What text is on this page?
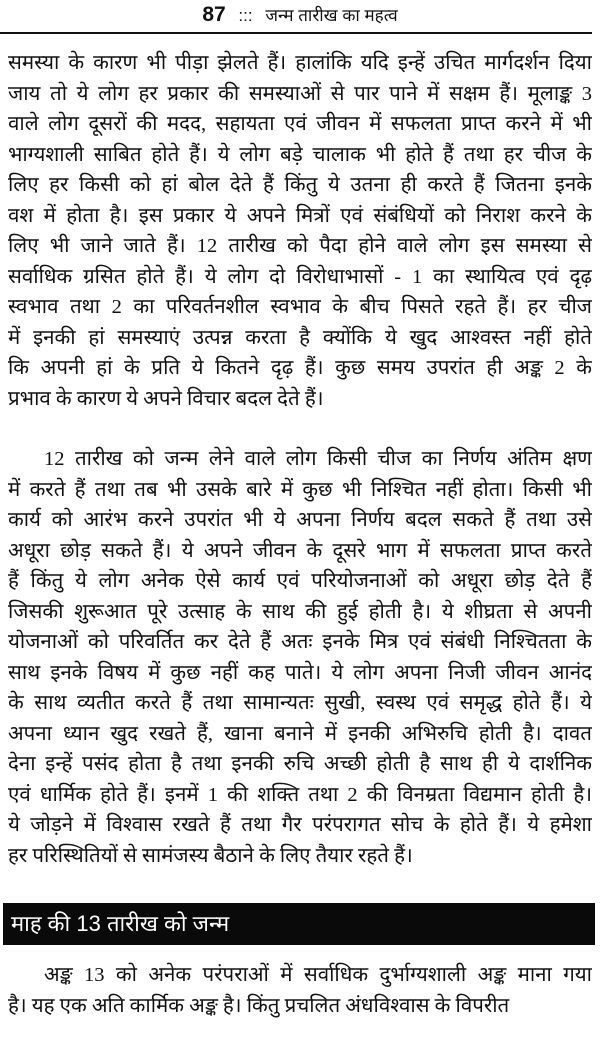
87 ::: जन्म तारीख का महत्व
समस्या के कारण भी पीड़ा झेलते हैं। हालांकि यदि इन्हें उचित मार्गदर्शन दिया
जाय तो ये लोग हर प्रकार की समस्याओं से पार पाने में सक्षम हैं। मूलाङ्क 3
वाले लोग दूसरों की मदद, सहायता एवं जीवन में सफलता प्राप्त करने में भी
भाग्यशाली साबित होते हैं। ये लोग बड़े चालाक भी होते हैं तथा हर चीज के
लिए हर किसी को हां बोल देते हैं किंतु ये उतना ही करते हैं जितना इनके
वश में होता है। इस प्रकार ये अपने मित्रों एवं संबंधियों को निराश करने के
लिए भी जाने जाते हैं। 12 तारीख को पैदा होने वाले लोग इस समस्या से
सर्वाधिक ग्रसित होते हैं। ये लोग दो विरोधाभासों - 1 का स्थायित्व एवं दृढ़
स्वभाव तथा 2 का परिवर्तनशील स्वभाव के बीच पिसते रहते हैं। हर चीज
में इनकी हां समस्याएं उत्पन्न करता है क्योंकि ये खुद आश्वस्त नहीं होते
कि अपनी हां के प्रति ये कितने दृढ़ हैं। कुछ समय उपरांत ही अङ्क 2 के
प्रभाव के कारण ये अपने विचार बदल देते हैं।
12 तारीख को जन्म लेने वाले लोग किसी चीज का निर्णय अंतिम क्षण
में करते हैं तथा तब भी उसके बारे में कुछ भी निश्चित नहीं होता। किसी भी
कार्य को आरंभ करने उपरांत भी ये अपना निर्णय बदल सकते हैं तथा उसे
अधूरा छोड़ सकते हैं। ये अपने जीवन के दूसरे भाग में सफलता प्राप्त करते
हैं किंतु ये लोग अनेक ऐसे कार्य एवं परियोजनाओं को अधूरा छोड़ देते हैं
जिसकी शुरूआत पूरे उत्साह के साथ की हुई होती है। ये शीघ्रता से अपनी
योजनाओं को परिवर्तित कर देते हैं अतः इनके मित्र एवं संबंधी निश्चितता के
साथ इनके विषय में कुछ नहीं कह पाते। ये लोग अपना निजी जीवन आनंद
के साथ व्यतीत करते हैं तथा सामान्यतः सुखी, स्वस्थ एवं समृद्ध होते हैं। ये
अपना ध्यान खुद रखते हैं, खाना बनाने में इनकी अभिरुचि होती है। दावत
देना इन्हें पसंद होता है तथा इनकी रुचि अच्छी होती है साथ ही ये दार्शनिक
एवं धार्मिक होते हैं। इनमें 1 की शक्ति तथा 2 की विनम्रता विद्यमान होती है।
ये जोड़ने में विश्वास रखते हैं तथा गैर परंपरागत सोच के होते हैं। ये हमेशा
हर परिस्थितियों से सामंजस्य बैठाने के लिए तैयार रहते हैं।
माह की 13 तारीख को जन्म
अङ्क 13 को अनेक परंपराओं में सर्वाधिक दुर्भाग्यशाली अङ्क माना गया
है। यह एक अति कार्मिक अङ्क है। किंतु प्रचलित अंधविश्वास के विपरीत
